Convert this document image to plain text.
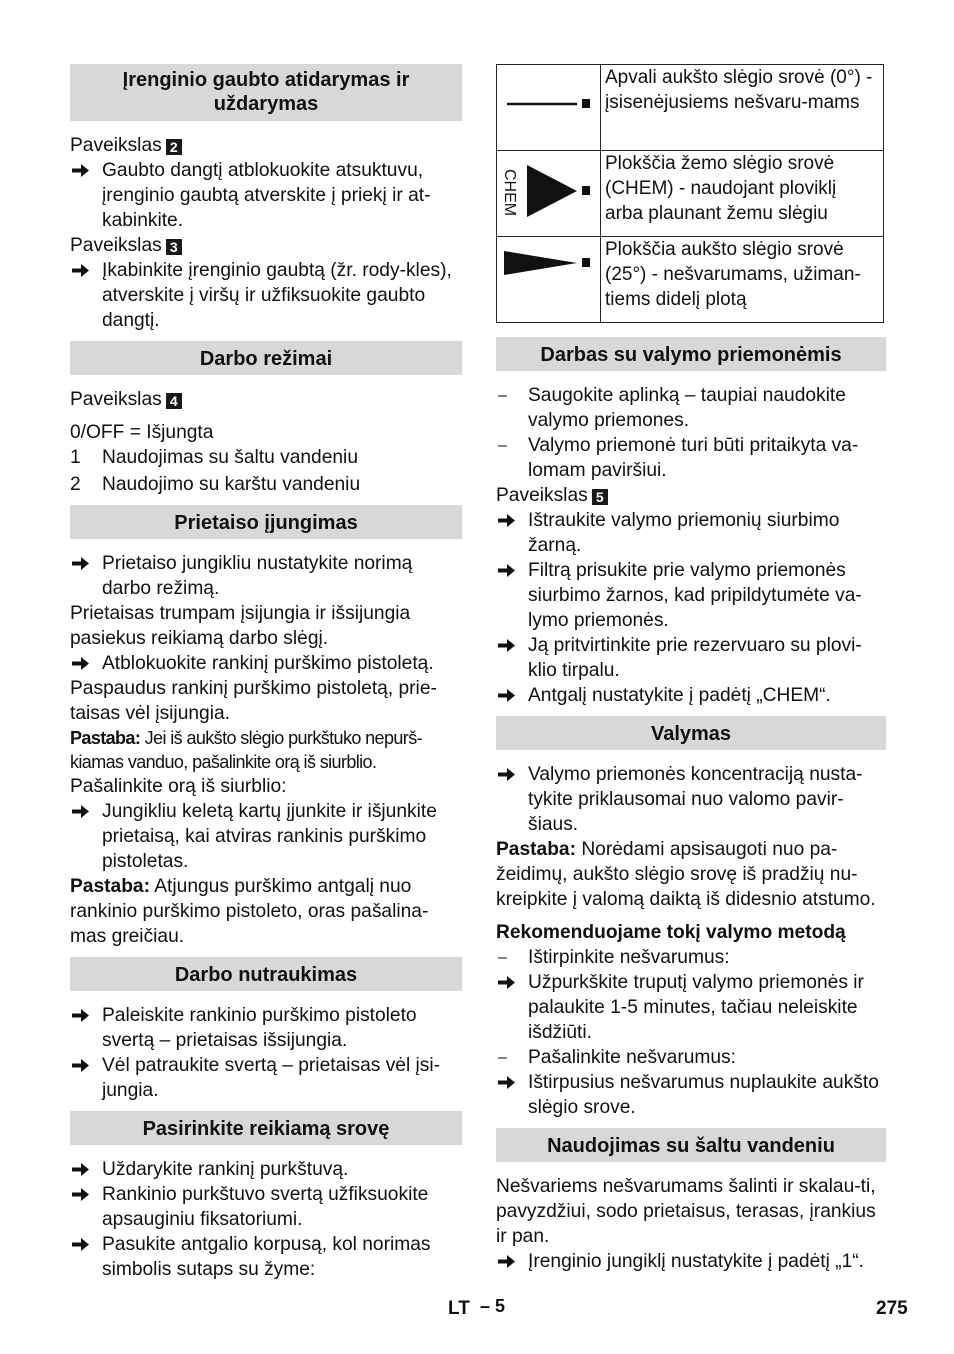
Įrenginio gaubto atidarymas ir uždarymas

Paveikslas 2

Gaubto dangtį atblokuokite atsuktuvu, įrenginio gaubtą atverskite į priekį ir at-kabinkite.

Paveikslas 3

Įkabinkite įrenginio gaubtą (žr. rody-kles), atverskite į viršų ir užfiksuokite gaubto dangtį.

Darbo režimai

Paveikslas 4

0/OFF = Išjungta

1 Naudojimas su šaltu vandeniu

2 Naudojimo su karštu vandeniu

Prietaiso įjungimas

Prietaiso jungikliu nustatykite norimą darbo režimą.

Prietaisas trumpam įsijungia ir išsijungia pasiekus reikiamą darbo slėgį.

Atblokuokite rankinį purškimo pistoletą.

Paspaudus rankinį purškimo pistoletą, prie-taisas vėl įsijungia.

Pastaba: Jei iš aukšto slėgio purkštuko nepurš-kiamas vanduo, pašalinkite orą iš siurblio.

Pašalinkite orą iš siurblio:

Jungikliu keletą kartų įjunkite ir išjunkite prietaisą, kai atviras rankinis purškimo pistoletas.

Pastaba: Atjungus purškimo antgalį nuo rankinio purškimo pistoleto, oras pašalina-mas greičiau.

Darbo nutraukimas

Paleiskite rankinio purškimo pistoleto svertą – prietaisas išsijungia.

Vėl patraukite svertą – prietaisas vėl įsi-jungia.

Pasirinkite reikiamą srovę

Uždarykite rankinį purkštuvą.

Rankinio purkštuvo svertą užfiksuokite apsauginiu fiksatoriumi.

Pasukite antgalio korpusą, kol norimas simbolis sutaps su žyme:

	Apvali aukšto slėgio srovė (0°) - įsisenėjusiems nešvaru-mams

CHEM	Plokščia žemo slėgio srovė (CHEM) - naudojant ploviklį arba plaunant žemu slėgiu
	Plokščia aukšto slėgio srovė (25°) - nešvarumams, užiman-tiems didelį plotą
Darbas su valymo priemonėmis

– Saugokite aplinką – taupiai naudokite valymo priemones.

– Valymo priemonė turi būti pritaikyta va-lomam paviršiui.

Paveikslas 5

Ištraukite valymo priemonių siurbimo žarną.

Filtrą prisukite prie valymo priemonės siurbimo žarnos, kad pripildytumėte va-lymo priemonės.

Ją pritvirtinkite prie rezervuaro su plovi-klio tirpalu.

Antgalį nustatykite į padėtį „CHEM“.

Valymas

Valymo priemonės koncentraciją nusta-tykite priklausomai nuo valomo pavir-šiaus.

Pastaba: Norėdami apsisaugoti nuo pa-žeidimų, aukšto slėgio srovę iš pradžių nu-kreipkite į valomą daiktą iš didesnio atstumo.

Rekomenduojame tokį valymo metodą

– Ištirpinkite nešvarumus:

Užpurkškite truputį valymo priemonės ir palaukite 1-5 minutes, tačiau neleiskite išdžiūti.

– Pašalinkite nešvarumus:

Ištirpusius nešvarumus nuplaukite aukšto slėgio srove.

Naudojimas su šaltu vandeniu

Nešvariems nešvarumams šalinti ir skalau-ti, pavyzdžiui, sodo prietaisus, terasas, įrankius ir pan.

Įrenginio jungiklį nustatykite į padėtį „1“.

LT – 5	275
